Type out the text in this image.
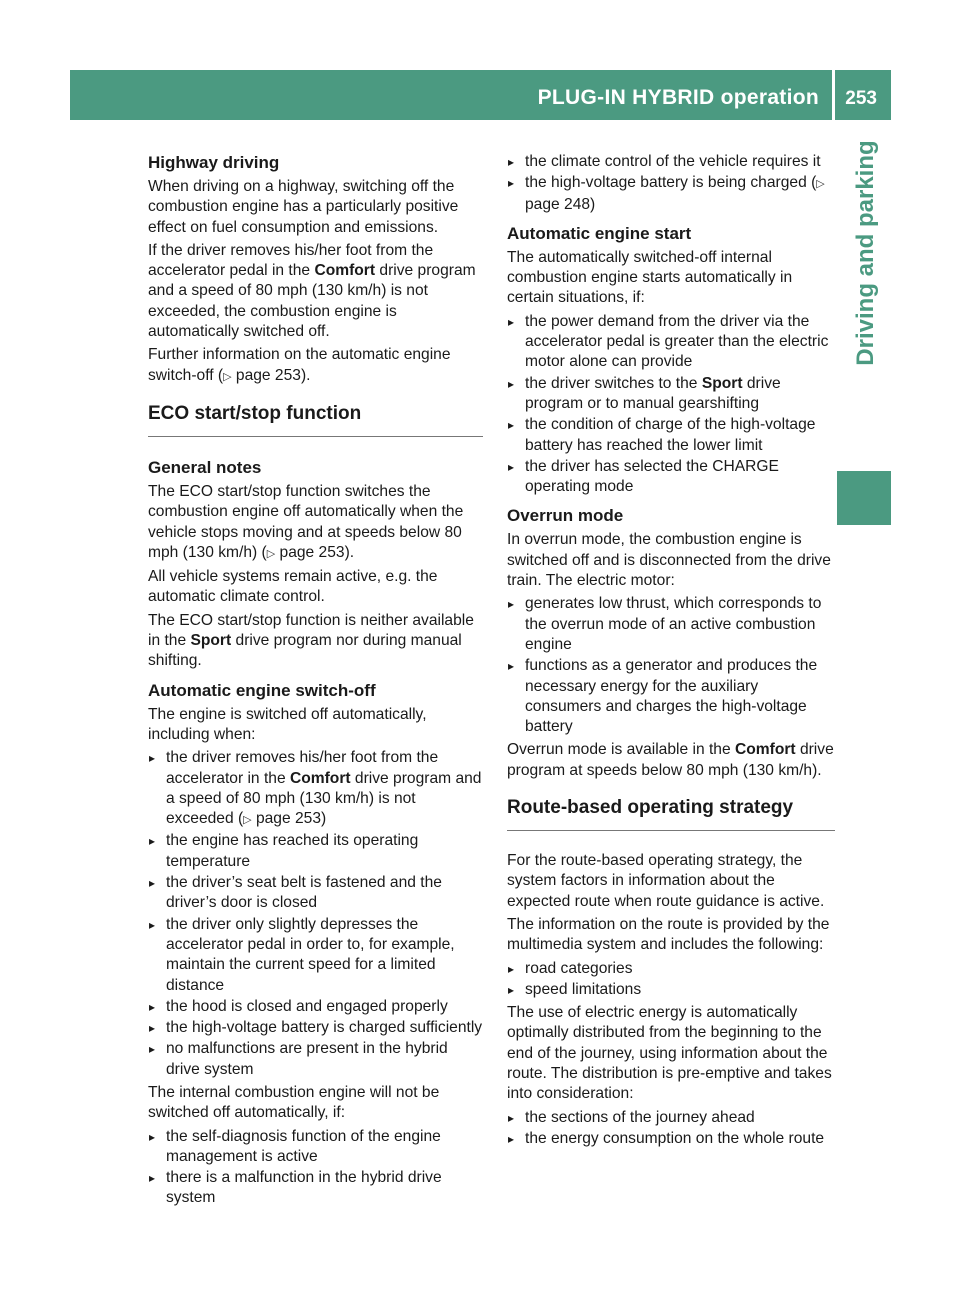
PLUG-IN HYBRID operation 253
Driving and parking
Highway driving

When driving on a highway, switching off the combustion engine has a particularly positive effect on fuel consumption and emissions.

If the driver removes his/her foot from the accelerator pedal in the Comfort drive program and a speed of 80 mph (130 km/h) is not exceeded, the combustion engine is automatically switched off.

Further information on the automatic engine switch-off (▷ page 253).

ECO start/stop function
General notes

The ECO start/stop function switches the combustion engine off automatically when the vehicle stops moving and at speeds below 80 mph (130 km/h) (▷ page 253).

All vehicle systems remain active, e.g. the automatic climate control.

The ECO start/stop function is neither available in the Sport drive program nor during manual shifting.

Automatic engine switch-off

The engine is switched off automatically, including when:

▸ the driver removes his/her foot from the accelerator in the Comfort drive program and a speed of 80 mph (130 km/h) is not exceeded (▷ page 253)
▸ the engine has reached its operating temperature
▸ the driver’s seat belt is fastened and the driver’s door is closed
▸ the driver only slightly depresses the accelerator pedal in order to, for example, maintain the current speed for a limited distance
▸ the hood is closed and engaged properly
▸ the high-voltage battery is charged sufficiently
▸ no malfunctions are present in the hybrid drive system

The internal combustion engine will not be switched off automatically, if:

▸ the self-diagnosis function of the engine management is active
▸ there is a malfunction in the hybrid drive system
▸ the climate control of the vehicle requires it
▸ the high-voltage battery is being charged (▷ page 248)
Automatic engine start

The automatically switched-off internal combustion engine starts automatically in certain situations, if:

▸ the power demand from the driver via the accelerator pedal is greater than the electric motor alone can provide
▸ the driver switches to the Sport drive program or to manual gearshifting
▸ the condition of charge of the high-voltage battery has reached the lower limit
▸ the driver has selected the CHARGE operating mode
Overrun mode

In overrun mode, the combustion engine is switched off and is disconnected from the drive train. The electric motor:

▸ generates low thrust, which corresponds to the overrun mode of an active combustion engine
▸ functions as a generator and produces the necessary energy for the auxiliary consumers and charges the high-voltage battery

Overrun mode is available in the Comfort drive program at speeds below 80 mph (130 km/h).

Route-based operating strategy

For the route-based operating strategy, the system factors in information about the expected route when route guidance is active.

The information on the route is provided by the multimedia system and includes the following:

▸ road categories
▸ speed limitations

The use of electric energy is automatically optimally distributed from the beginning to the end of the journey, using information about the route. The distribution is pre-emptive and takes into consideration:

▸ the sections of the journey ahead
▸ the energy consumption on the whole route
